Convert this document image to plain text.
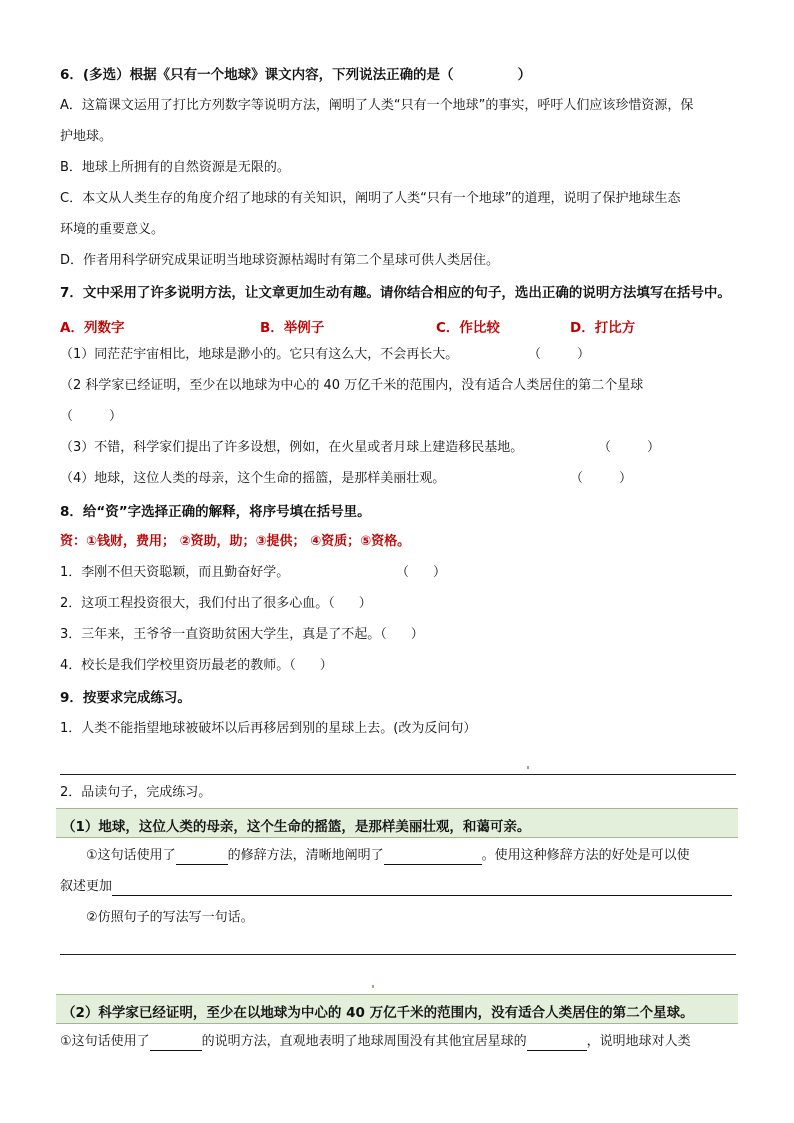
6．(多选）根据《只有一个地球》课文内容，下列说法正确的是（	）
A．这篇课文运用了打比方列数字等说明方法，阐明了人类“只有一个地球”的事实，呼吁人们应该珍惜资源，保
护地球。
B．地球上所拥有的自然资源是无限的。
C．本文从人类生存的角度介绍了地球的有关知识，阐明了人类“只有一个地球”的道理，说明了保护地球生态
环境的重要意义。
D．作者用科学研究成果证明当地球资源枯竭时有第二个星球可供人类居住。
7．文中采用了许多说明方法，让文章更加生动有趣。请你结合相应的句子，选出正确的说明方法填写在括号中。
A．列数字	B．举例子	C．作比较	D．打比方
（1）同茫茫宇宙相比，地球是渺小的。它只有这么大，不会再长大。	（	）
（2 科学家已经证明，至少在以地球为中心的 40 万亿千米的范围内，没有适合人类居住的第二个星球
（	）
（3）不错，科学家们提出了许多设想，例如，在火星或者月球上建造移民基地。	（	）
（4）地球，这位人类的母亲，这个生命的摇篮，是那样美丽壮观。	（	）
8．给“资”字选择正确的解释，将序号填在括号里。
资：①钱财，费用； ②资助，助；③提供； ④资质；⑤资格。
1．李刚不但天资聪颖，而且勤奋好学。	（ ）
2．这项工程投资很大，我们付出了很多心血。（ ）
3．三年来，王爷爷一直资助贫困大学生，真是了不起。（ ）
4．校长是我们学校里资历最老的教师。（ ）
9．按要求完成练习。
1．人类不能指望地球被破坏以后再移居到别的星球上去。(改为反问句）
2．品读句子，完成练习。
（1）地球，这位人类的母亲，这个生命的摇篮，是那样美丽壮观，和蔼可亲。
①这句话使用了	的修辞方法，清晰地阐明了	。使用这种修辞方法的好处是可以使
叙述更加
②仿照句子的写法写一句话。
（2）科学家已经证明，至少在以地球为中心的 40 万亿千米的范围内，没有适合人类居住的第二个星球。
①这句话使用了	的说明方法，直观地表明了地球周围没有其他宜居星球的	，说明地球对人类
